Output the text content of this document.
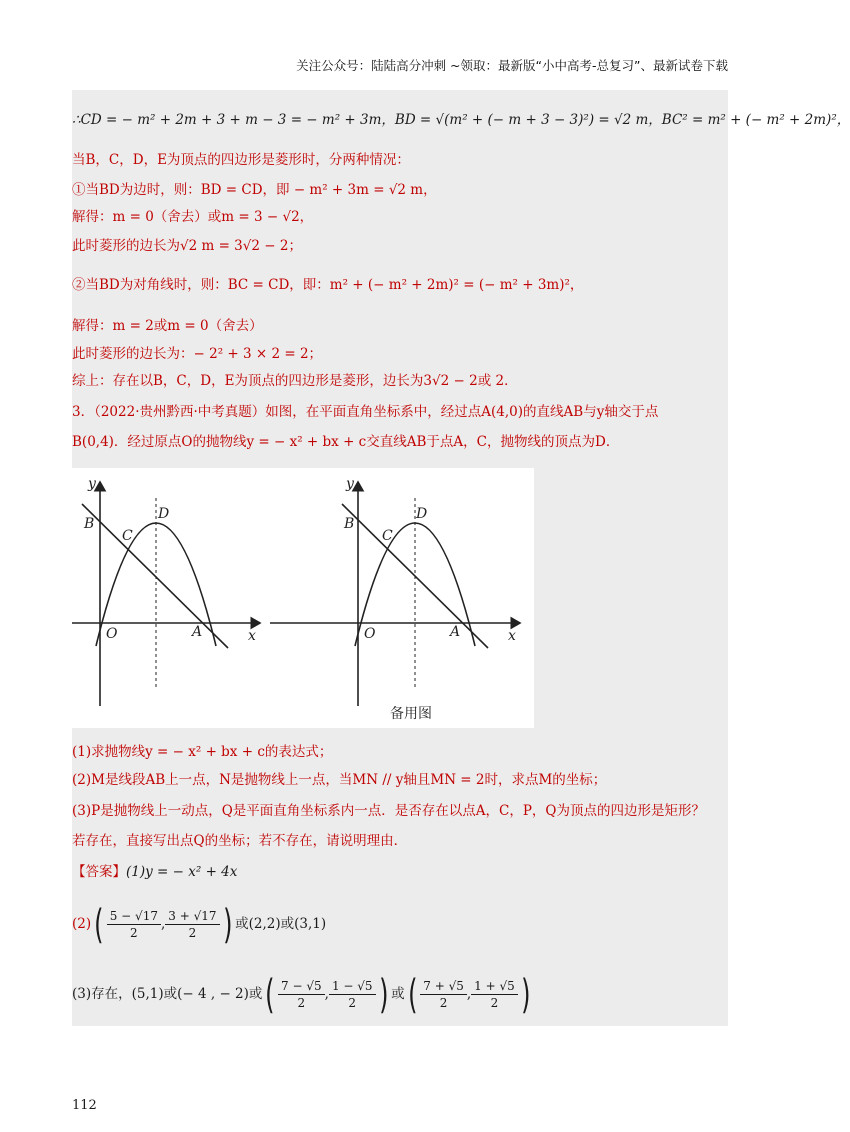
关注公众号：陆陆高分冲刺 ~领取：最新版“小中高考-总复习”、最新试卷下载
∴CD = − m² + 2m + 3 + m − 3 = − m² + 3m，BD = √(m² + (− m + 3 − 3)²) = √2 m，BC² = m² + (− m² + 2m)²，
当B，C，D，E为顶点的四边形是菱形时，分两种情况：
①当BD为边时，则：BD = CD，即 − m² + 3m = √2 m，
解得：m = 0（舍去）或m = 3 − √2，
此时菱形的边长为√2 m = 3√2 − 2；
②当BD为对角线时，则：BC = CD，即：m² + (− m² + 2m)² = (− m² + 3m)²，
解得：m = 2或m = 0（舍去）
此时菱形的边长为：− 2² + 3 × 2 = 2；
综上：存在以B，C，D，E为顶点的四边形是菱形，边长为3√2 − 2或 2．
3．（2022·贵州黔西·中考真题）如图，在平面直角坐标系中，经过点A(4,0)的直线AB与y轴交于点
B(0,4)．经过原点O的抛物线y = − x² + bx + c交直线AB于点A，C，抛物线的顶点为D．
y
x
B
C
D
O	A
y
x
B
C
D
O	A
备用图
(1)求抛物线y = − x² + bx + c的表达式；
(2)M是线段AB上一点，N是抛物线上一点，当MN // y轴且MN = 2时，求点M的坐标；
(3)P是抛物线上一动点，Q是平面直角坐标系内一点．是否存在以点A，C，P，Q为顶点的四边形是矩形？
若存在，直接写出点Q的坐标；若不存在，请说明理由．
【答案】(1)y = − x² + 4x
$(2)( \frac{5 - √17}{2}$ , $\frac{3 + √17}{2}$ ) 或(2,2)或(3,1)
(3)存在，(5,1)或(− 4 , − 2)或( $\frac{7 - √5}{2}$ , $\frac{1 - √5}{2}$ ) 或( $\frac{7 + √5}{2}$ , $\frac{1 + √5}{2}$ )
112
